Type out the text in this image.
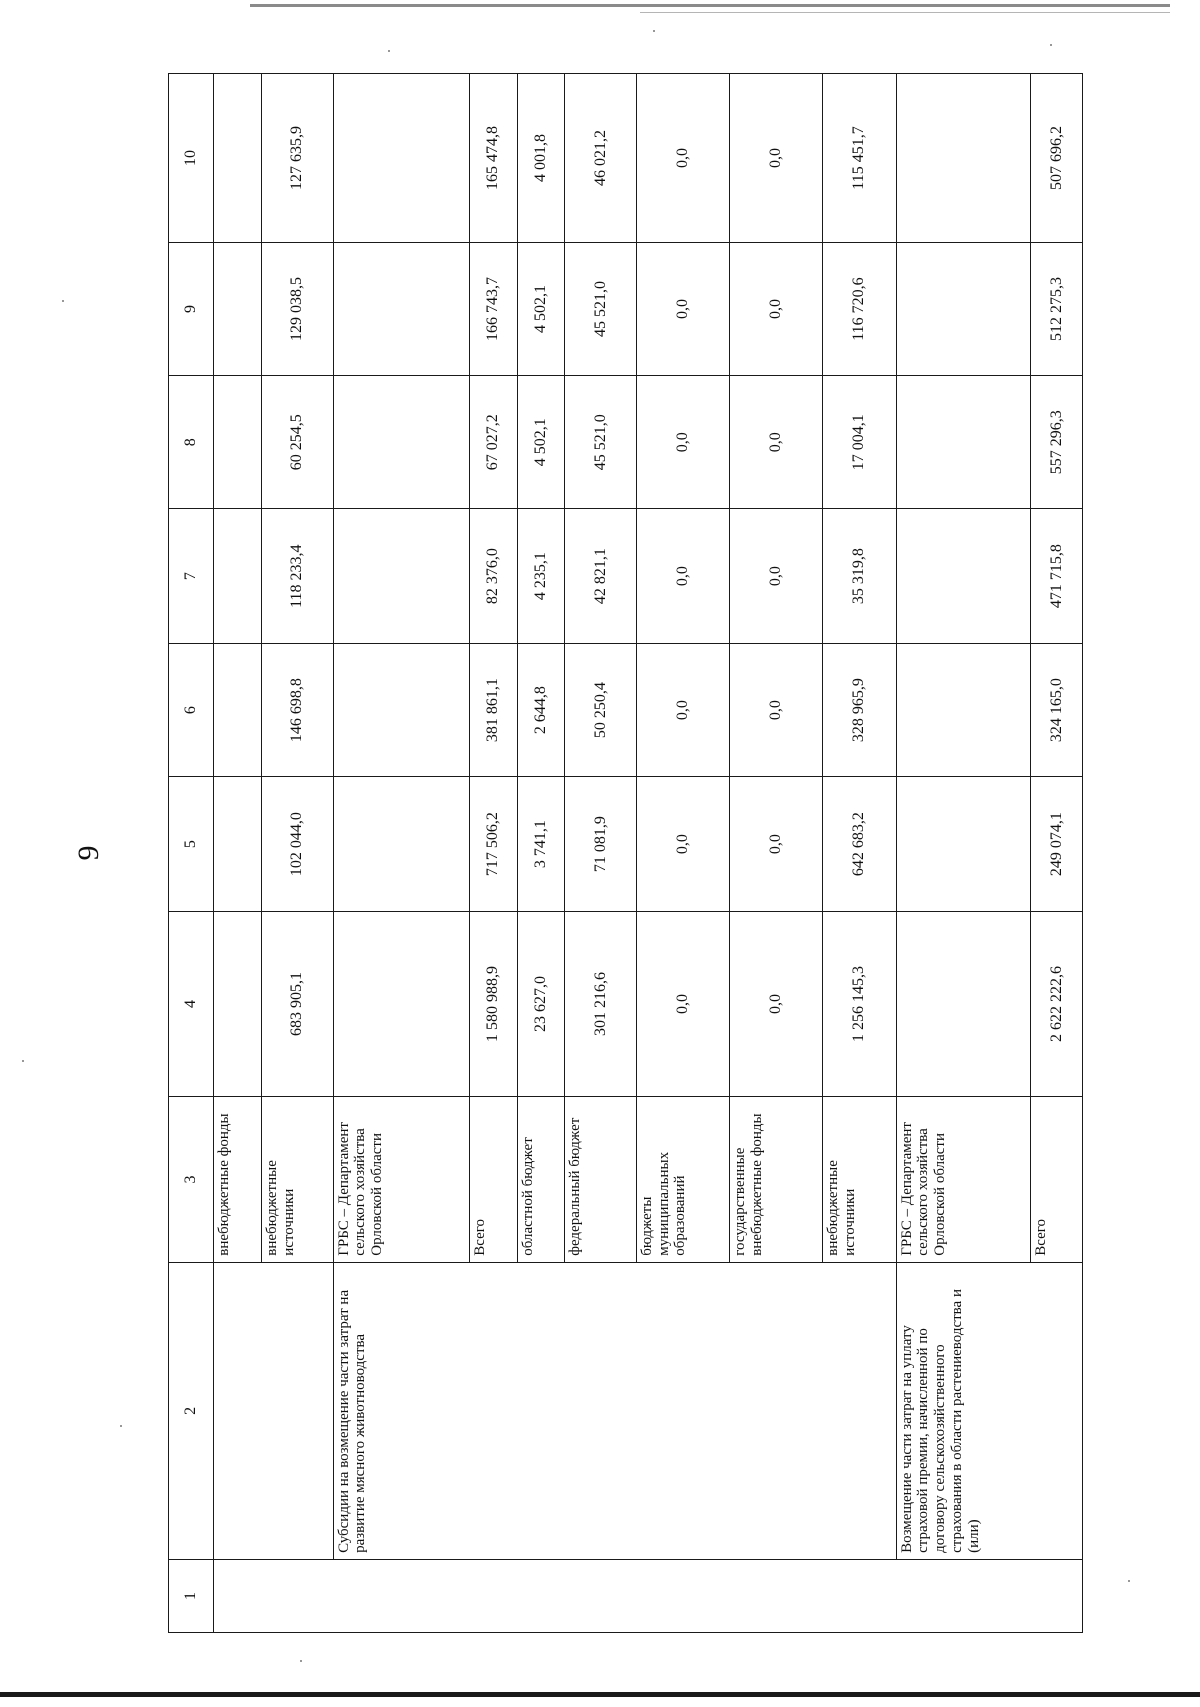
9
1	2	3	4	5	6	7	8	9	10
		внебюджетные фонды							
		внебюджетные источники	683 905,1	102 044,0	146 698,8	118 233,4	60 254,5	129 038,5	127 635,9
	Субсидии на возмещение части затрат на развитие мясного животноводства	ГРБС – Департамент сельского хозяйства Орловской области							
		Всего	1 580 988,9	717 506,2	381 861,1	82 376,0	67 027,2	166 743,7	165 474,8
		областной бюджет	23 627,0	3 741,1	2 644,8	4 235,1	4 502,1	4 502,1	4 001,8
		федеральный бюджет	301 216,6	71 081,9	50 250,4	42 821,1	45 521,0	45 521,0	46 021,2
		бюджеты муниципальных образований	0,0	0,0	0,0	0,0	0,0	0,0	0,0
		государственные внебюджетные фонды	0,0	0,0	0,0	0,0	0,0	0,0	0,0
		внебюджетные источники	1 256 145,3	642 683,2	328 965,9	35 319,8	17 004,1	116 720,6	115 451,7
	Возмещение части затрат на уплату страховой премии, начисленной по договору сельскохозяйственного страхования в области растениеводства и (или)	ГРБС – Департамент сельского хозяйства Орловской области							
		Всего	2 622 222,6	249 074,1	324 165,0	471 715,8	557 296,3	512 275,3	507 696,2
